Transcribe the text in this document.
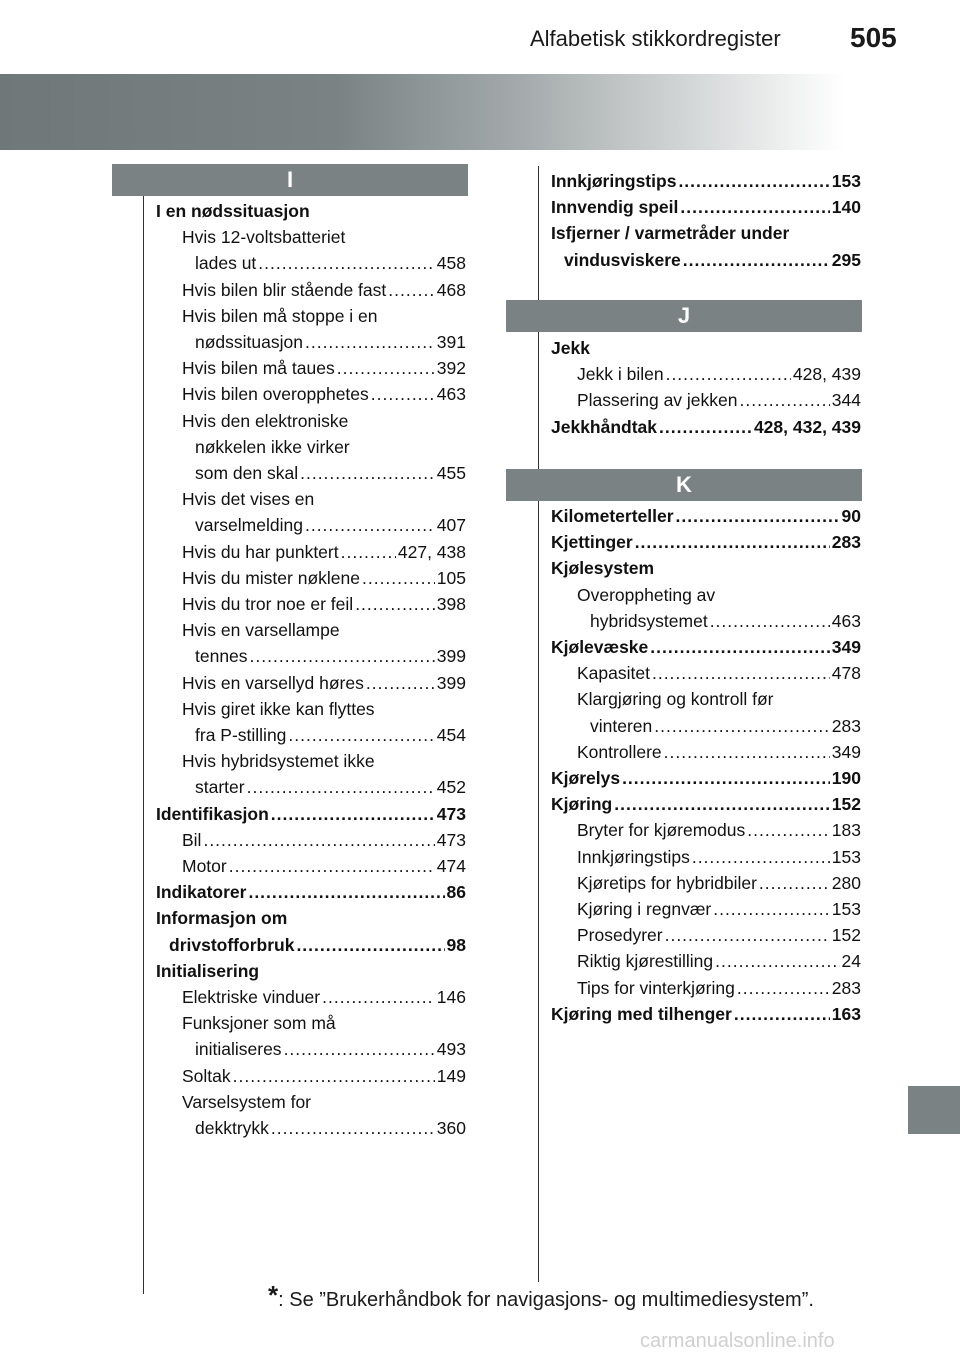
Alfabetisk stikkordregister 505
I
J
K
I en nødssituasjon
Hvis 12-voltsbatteriet
lades ut .....	458
Hvis bilen blir stående fast .....	468
Hvis bilen må stoppe i en
nødssituasjon .....	391
Hvis bilen må taues .....	392
Hvis bilen overopphetes .....	463
Hvis den elektroniske
nøkkelen ikke virker
som den skal .....	455
Hvis det vises en
varselmelding .....	407
Hvis du har punktert .....	427, 438
Hvis du mister nøklene .....	105
Hvis du tror noe er feil .....	398
Hvis en varsellampe
tennes .....	399
Hvis en varsellyd høres .....	399
Hvis giret ikke kan flyttes
fra P-stilling .....	454
Hvis hybridsystemet ikke
starter .....	452
Identifikasjon .....	473
Bil .....	473
Motor .....	474
Indikatorer .....	86
Informasjon om
drivstofforbruk .....	98
Initialisering
Elektriske vinduer .....	146
Funksjoner som må
initialiseres .....	493
Soltak .....	149
Varselsystem for
dekktrykk .....	360
Innkjøringstips .....	153
Innvendig speil .....	140
Isfjerner / varmetråder under
vindusviskere .....	295
Jekk
Jekk i bilen .....	428, 439
Plassering av jekken .....	344
Jekkhåndtak .....	428, 432, 439
Kilometerteller .....	90
Kjettinger .....	283
Kjølesystem
Overoppheting av
hybridsystemet .....	463
Kjølevæske .....	349
Kapasitet .....	478
Klargjøring og kontroll før
vinteren .....	283
Kontrollere .....	349
Kjørelys .....	190
Kjøring .....	152
Bryter for kjøremodus .....	183
Innkjøringstips .....	153
Kjøretips for hybridbiler .....	280
Kjøring i regnvær .....	153
Prosedyrer .....	152
Riktig kjørestilling .....	24
Tips for vinterkjøring .....	283
Kjøring med tilhenger .....	163
*: Se ”Brukerhåndbok for navigasjons- og multimediesystem”.
carmanualsonline.info
